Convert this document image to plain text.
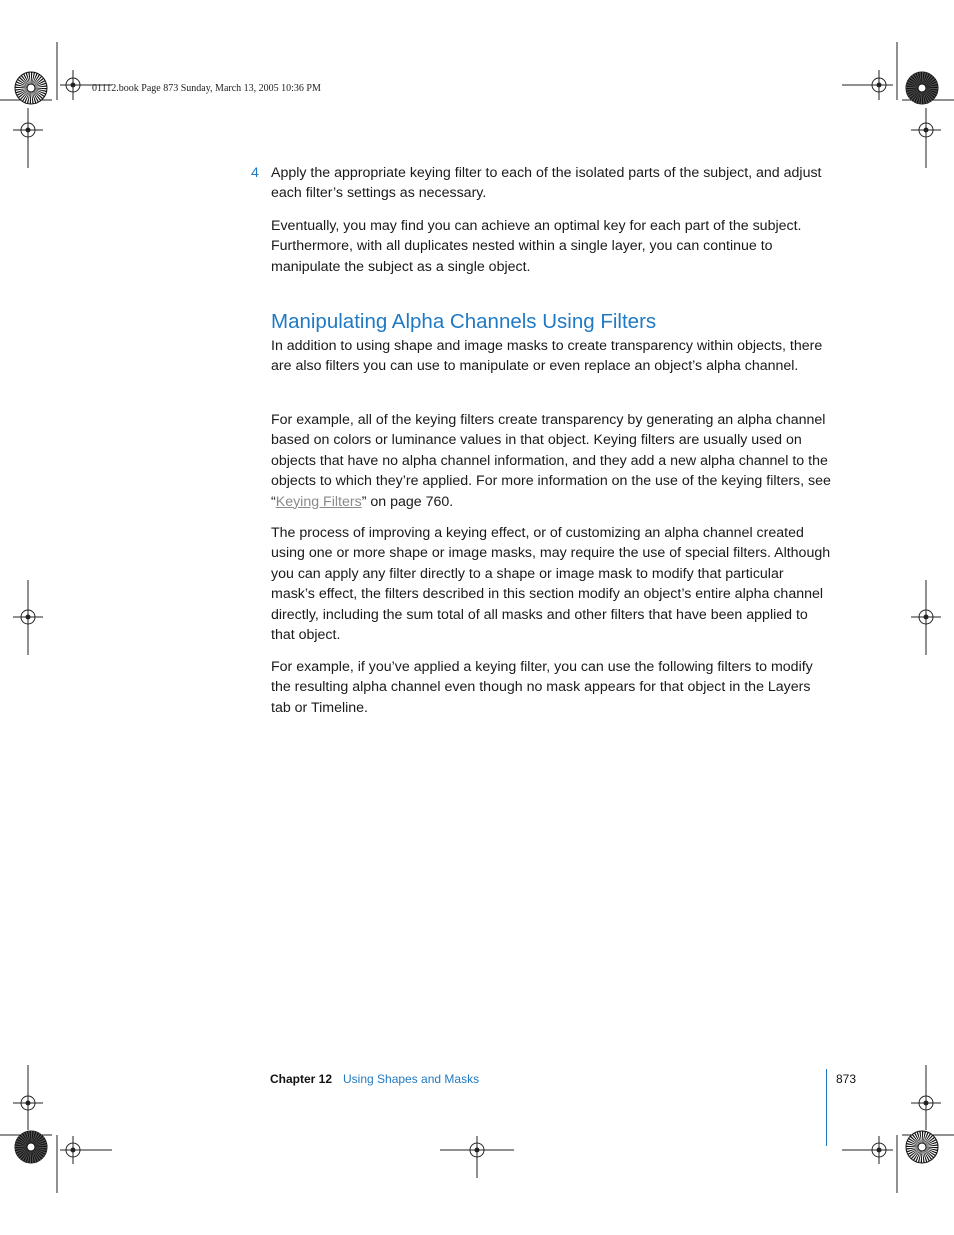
01112.book Page 873 Sunday, March 13, 2005 10:36 PM
4 Apply the appropriate keying filter to each of the isolated parts of the subject, and adjust each filter’s settings as necessary.
Eventually, you may find you can achieve an optimal key for each part of the subject. Furthermore, with all duplicates nested within a single layer, you can continue to manipulate the subject as a single object.
Manipulating Alpha Channels Using Filters
In addition to using shape and image masks to create transparency within objects, there are also filters you can use to manipulate or even replace an object’s alpha channel.
For example, all of the keying filters create transparency by generating an alpha channel based on colors or luminance values in that object. Keying filters are usually used on objects that have no alpha channel information, and they add a new alpha channel to the objects to which they’re applied. For more information on the use of the keying filters, see “Keying Filters” on page 760.
The process of improving a keying effect, or of customizing an alpha channel created using one or more shape or image masks, may require the use of special filters. Although you can apply any filter directly to a shape or image mask to modify that particular mask’s effect, the filters described in this section modify an object’s entire alpha channel directly, including the sum total of all masks and other filters that have been applied to that object.
For example, if you’ve applied a keying filter, you can use the following filters to modify the resulting alpha channel even though no mask appears for that object in the Layers tab or Timeline.
Chapter 12 Using Shapes and Masks	873
